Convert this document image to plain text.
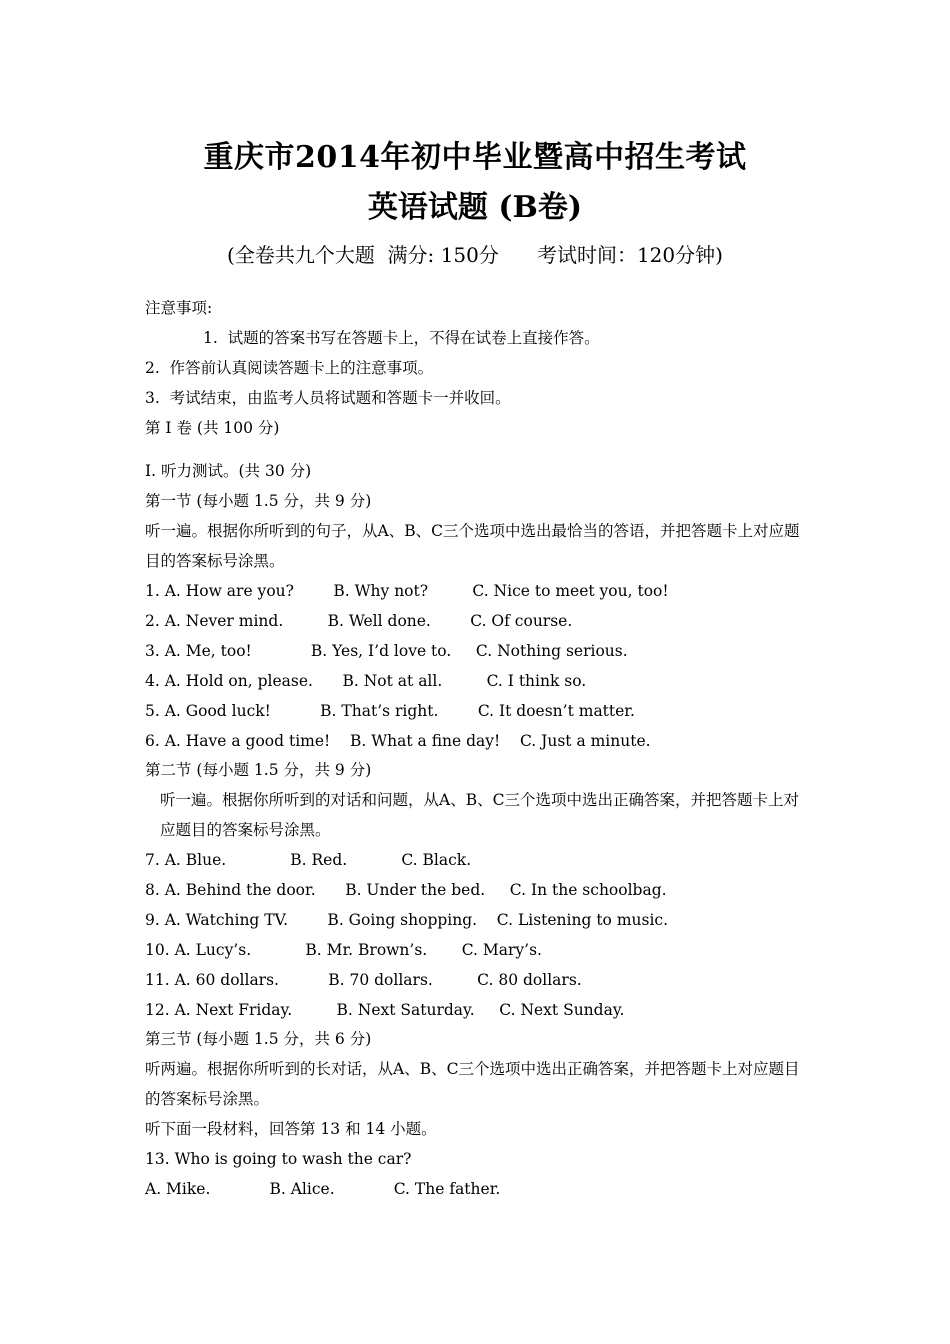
重庆市2014年初中毕业暨高中招生考试
英语试题 (B卷)
(全卷共九个大题  满分: 150分      考试时间：120分钟)
注意事项:
1.  试题的答案书写在答题卡上，不得在试卷上直接作答。
2.  作答前认真阅读答题卡上的注意事项。
3.  考试结束，由监考人员将试题和答题卡一并收回。
第 I 卷 (共 100 分)
I. 听力测试。(共 30 分)
第一节 (每小题 1.5 分，共 9 分)
听一遍。根据你所听到的句子，从A、B、C三个选项中选出最恰当的答语，并把答题卡上对应题目的答案标号涂黑。
1. A. How are you?        B. Why not?         C. Nice to meet you, too!
2. A. Never mind.         B. Well done.        C. Of course.
3. A. Me, too!            B. Yes, I’d love to.     C. Nothing serious.
4. A. Hold on, please.      B. Not at all.         C. I think so.
5. A. Good luck!          B. That’s right.        C. It doesn’t matter.
6. A. Have a good time!    B. What a fine day!    C. Just a minute.
第二节 (每小题 1.5 分，共 9 分)
听一遍。根据你所听到的对话和问题，从A、B、C三个选项中选出正确答案，并把答题卡上对应题目的答案标号涂黑。
7. A. Blue.             B. Red.           C. Black.
8. A. Behind the door.      B. Under the bed.     C. In the schoolbag.
9. A. Watching TV.        B. Going shopping.    C. Listening to music.
10. A. Lucy’s.           B. Mr. Brown’s.       C. Mary’s.
11. A. 60 dollars.          B. 70 dollars.         C. 80 dollars.
12. A. Next Friday.         B. Next Saturday.     C. Next Sunday.
第三节 (每小题 1.5 分，共 6 分)
听两遍。根据你所听到的长对话，从A、B、C三个选项中选出正确答案，并把答题卡上对应题目的答案标号涂黑。
听下面一段材料，回答第 13 和 14 小题。
13. Who is going to wash the car?
A. Mike.            B. Alice.            C. The father.
